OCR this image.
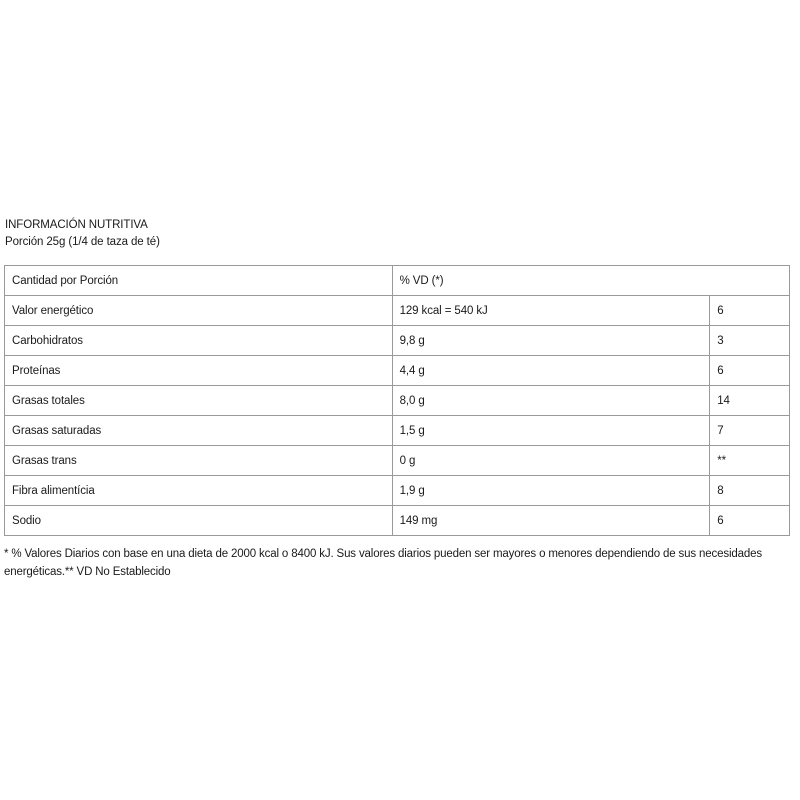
INFORMACIÓN NUTRITIVA
Porción 25g (1/4 de taza de té)
Cantidad por Porción	% VD (*)	
Valor energético	129 kcal = 540 kJ	6
Carbohidratos	9,8 g	3
Proteínas	4,4 g	6
Grasas totales	8,0 g	14
Grasas saturadas	1,5 g	7
Grasas trans	0 g	**
Fibra alimentícia	1,9 g	8
Sodio	149 mg	6
* % Valores Diarios con base en una dieta de 2000 kcal o 8400 kJ. Sus valores diarios pueden ser mayores o menores dependiendo de sus necesidades energéticas.** VD No Establecido
